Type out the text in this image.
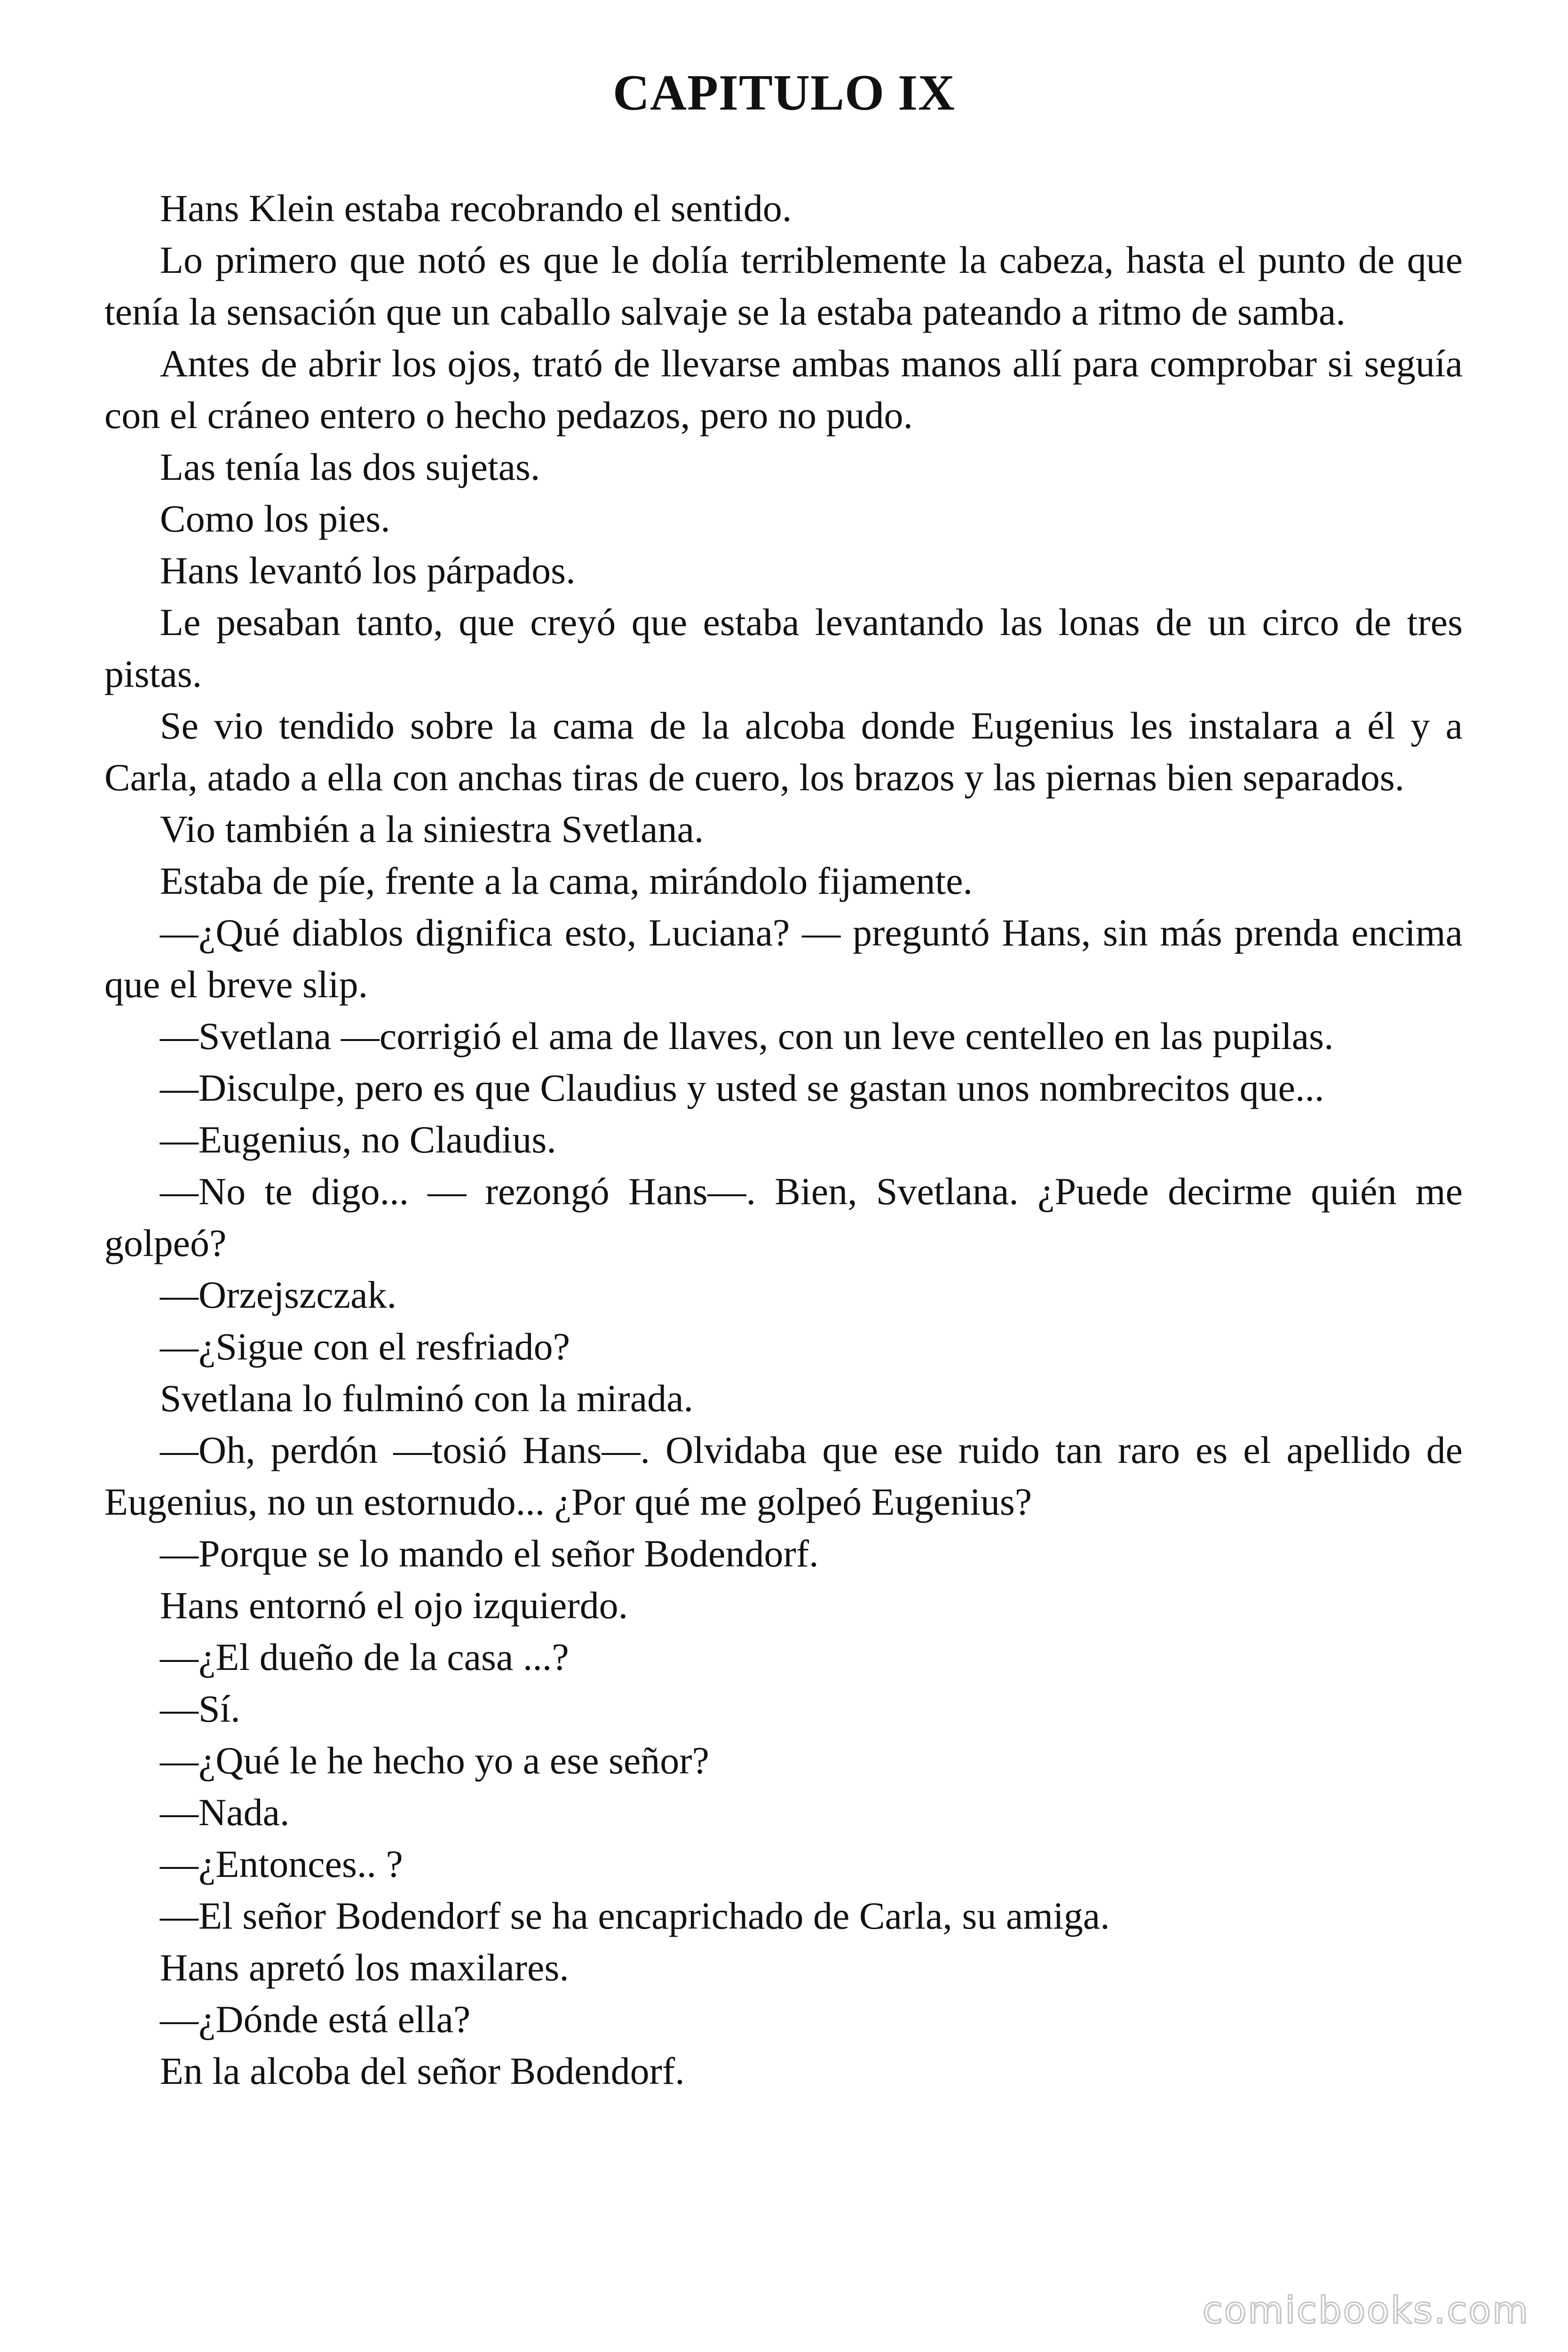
CAPITULO IX

Hans Klein estaba recobrando el sentido.

Lo primero que notó es que le dolía terriblemente la cabeza, hasta el punto de que tenía la sensación que un caballo salvaje se la estaba pateando a ritmo de samba.

Antes de abrir los ojos, trató de llevarse ambas manos allí para comprobar si seguía con el cráneo entero o hecho pedazos, pero no pudo.

Las tenía las dos sujetas.

Como los pies.

Hans levantó los párpados.

Le pesaban tanto, que creyó que estaba levantando las lonas de un circo de tres pistas.

Se vio tendido sobre la cama de la alcoba donde Eugenius les instalara a él y a Carla, atado a ella con anchas tiras de cuero, los brazos y las piernas bien separados.

Vio también a la siniestra Svetlana.

Estaba de píe, frente a la cama, mirándolo fijamente.

—¿Qué diablos dignifica esto, Luciana? — preguntó Hans, sin más prenda encima que el breve slip.

—Svetlana —corrigió el ama de llaves, con un leve centelleo en las pupilas.

—Disculpe, pero es que Claudius y usted se gastan unos nombrecitos que...

—Eugenius, no Claudius.

—No te digo... — rezongó Hans—. Bien, Svetlana. ¿Puede decirme quién me golpeó?

—Orzejszczak.

—¿Sigue con el resfriado?

Svetlana lo fulminó con la mirada.

—Oh, perdón —tosió Hans—. Olvidaba que ese ruido tan raro es el apellido de Eugenius, no un estornudo... ¿Por qué me golpeó Eugenius?

—Porque se lo mando el señor Bodendorf.

Hans entornó el ojo izquierdo.

—¿El dueño de la casa ...?

—Sí.

—¿Qué le he hecho yo a ese señor?

—Nada.

—¿Entonces.. ?

—El señor Bodendorf se ha encaprichado de Carla, su amiga.

Hans apretó los maxilares.

—¿Dónde está ella?

En la alcoba del señor Bodendorf.

comicbooks.com
